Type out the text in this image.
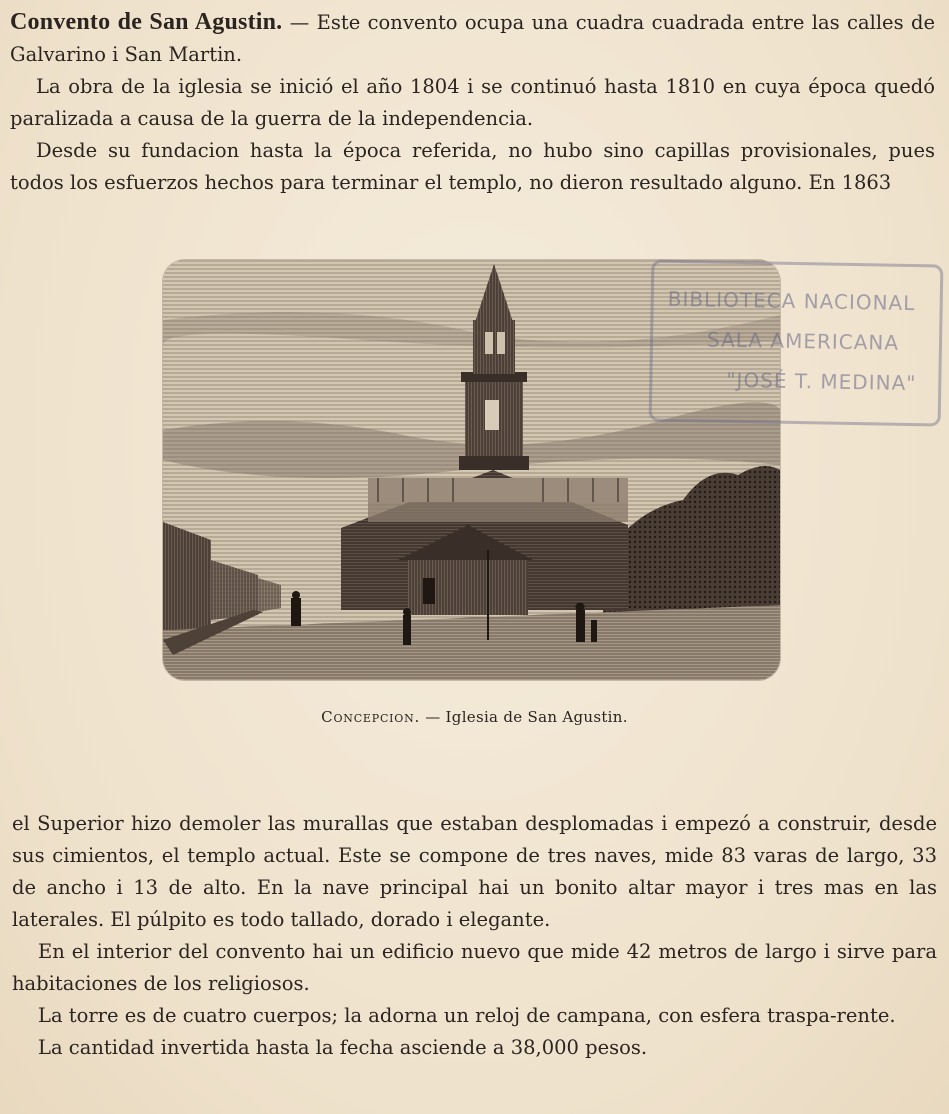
Convento de San Agustin. — Este convento ocupa una cuadra cuadrada entre las calles de Galvarino i San Martin.

La obra de la iglesia se inició el año 1804 i se continuó hasta 1810 en cuya época quedó paralizada a causa de la guerra de la independencia.

Desde su fundacion hasta la época referida, no hubo sino capillas provisionales, pues todos los esfuerzos hechos para terminar el templo, no dieron resultado alguno. En 1863

BIBLIOTECA NACIONAL
SALA AMERICANA
"JOSÉ T. MEDINA"
Concepcion. — Iglesia de San Agustin.

el Superior hizo demoler las murallas que estaban desplomadas i empezó a construir, desde sus cimientos, el templo actual. Este se compone de tres naves, mide 83 varas de largo, 33 de ancho i 13 de alto. En la nave principal hai un bonito altar mayor i tres mas en las laterales. El púlpito es todo tallado, dorado i elegante.

En el interior del convento hai un edificio nuevo que mide 42 metros de largo i sirve para habitaciones de los religiosos.

La torre es de cuatro cuerpos; la adorna un reloj de campana, con esfera traspa-rente.

La cantidad invertida hasta la fecha asciende a 38,000 pesos.
